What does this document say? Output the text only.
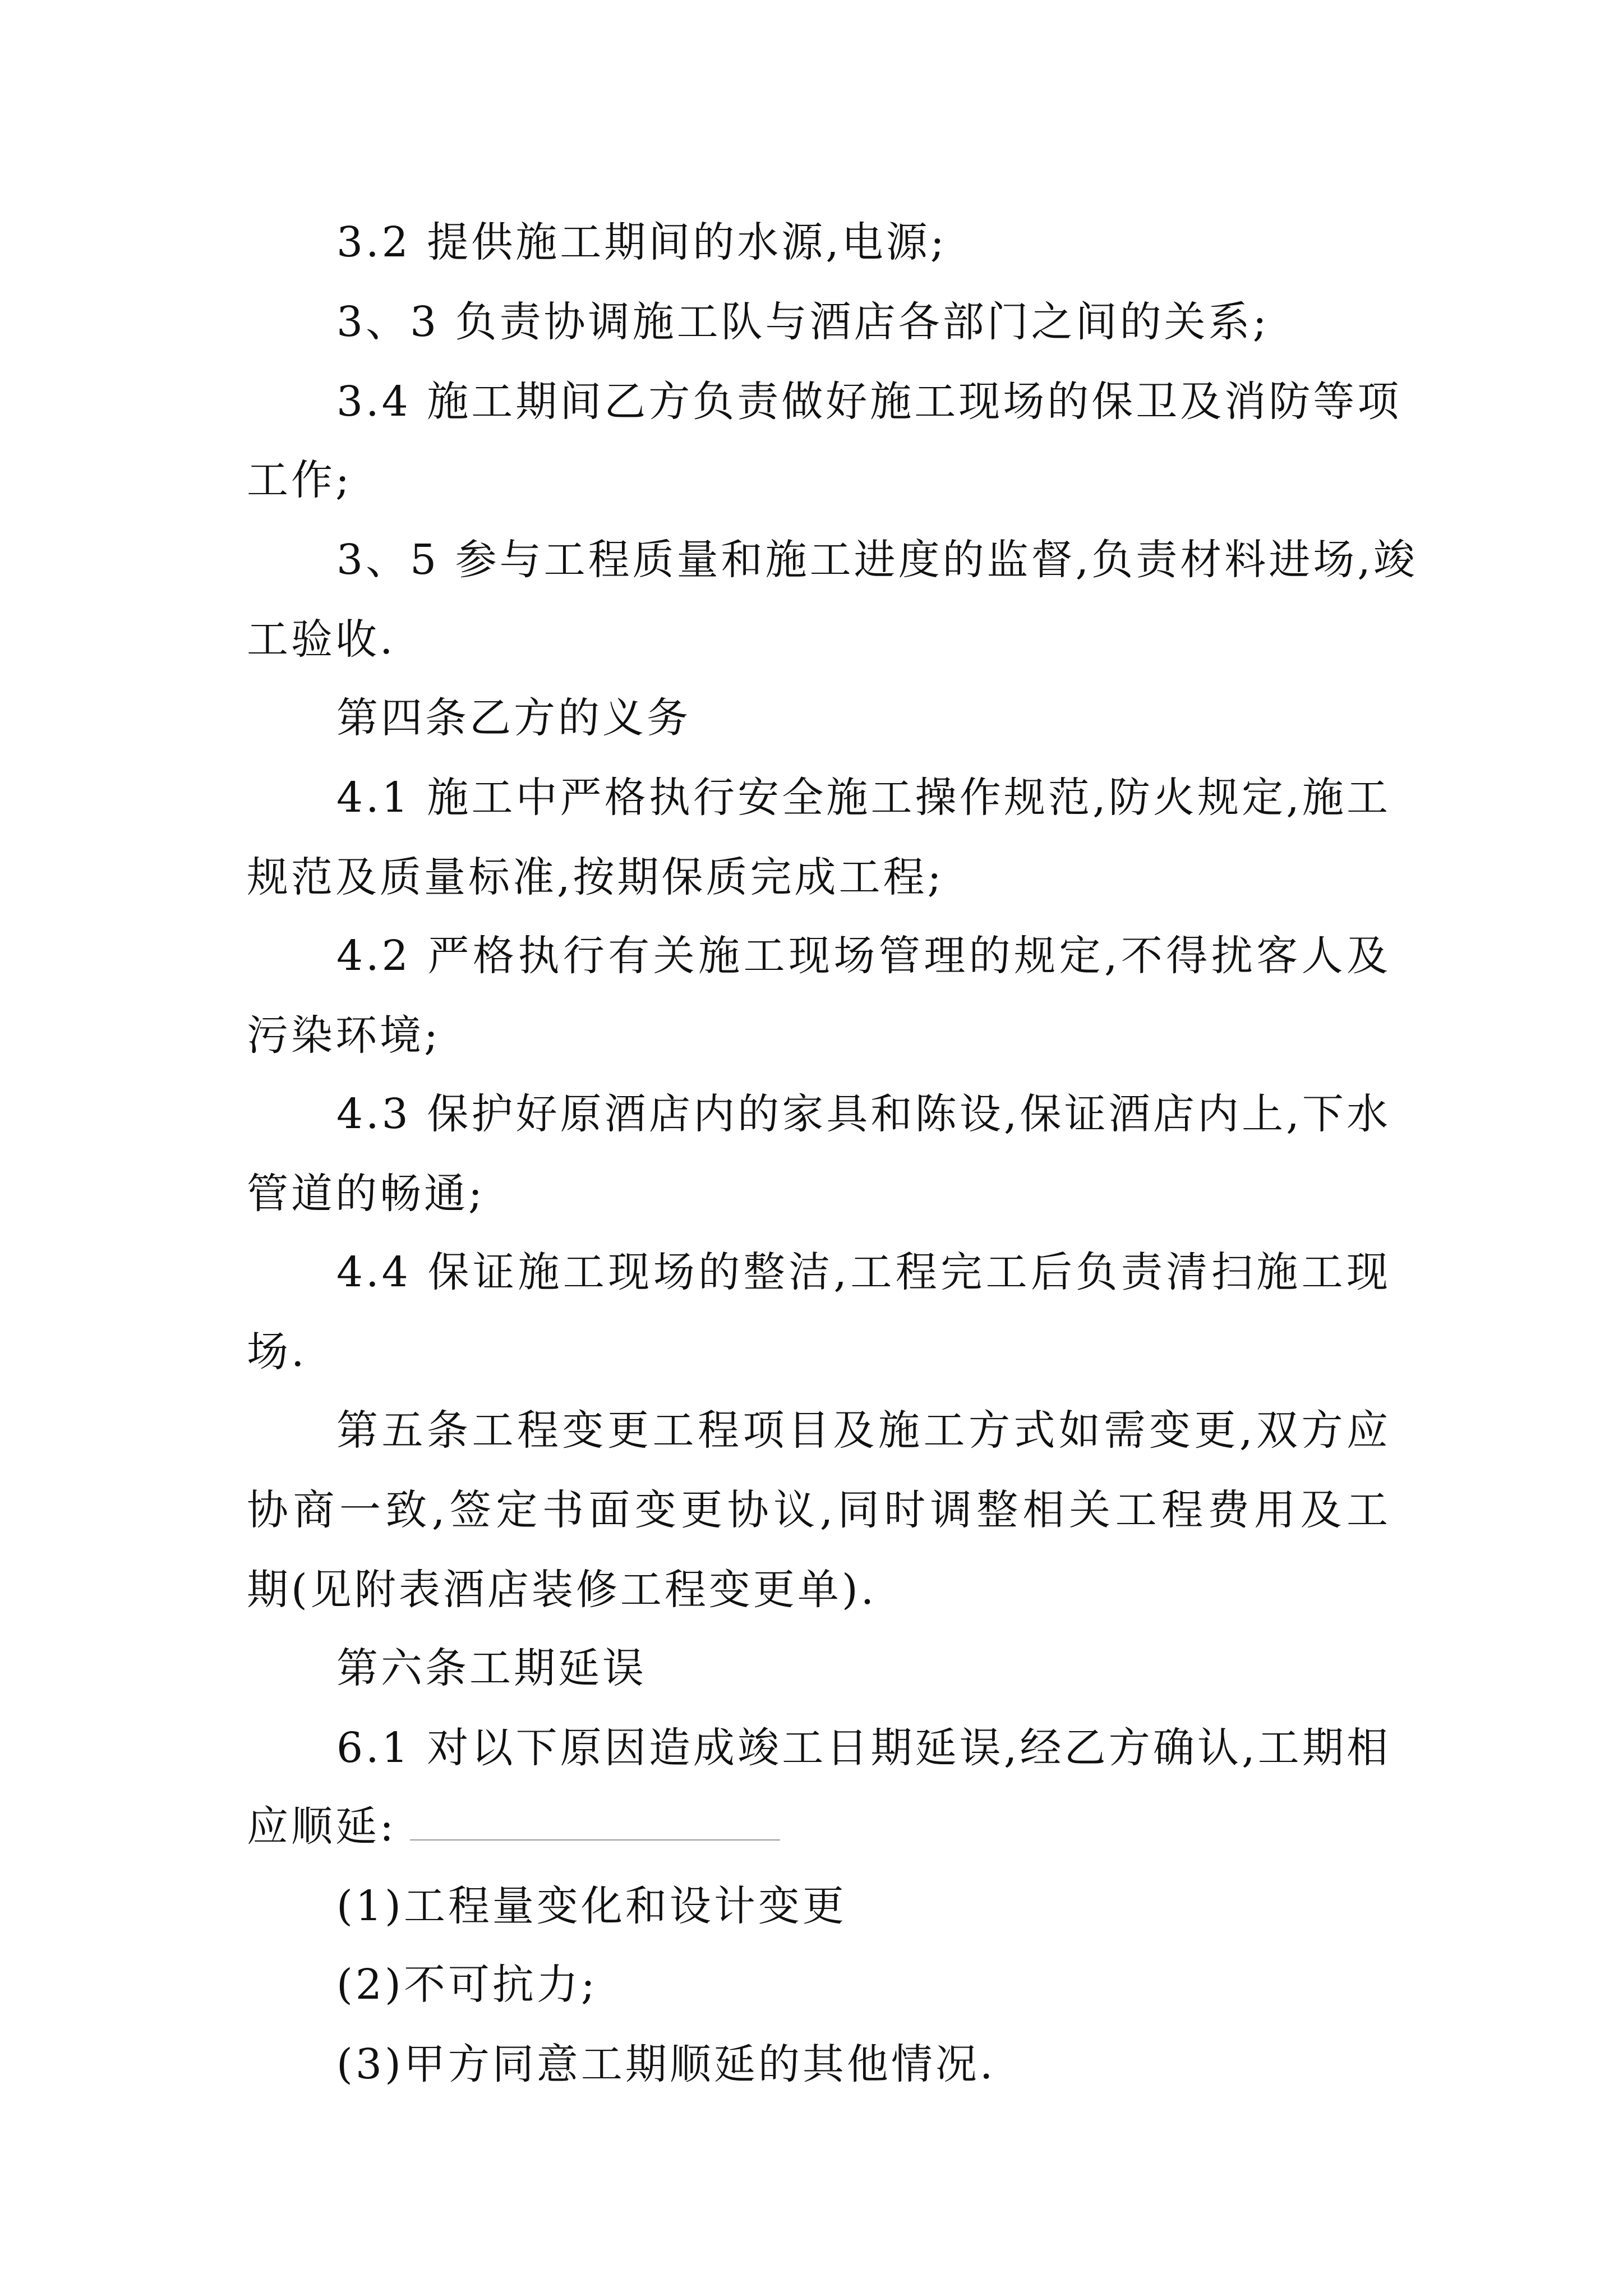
3.2 提供施工期间的水源,电源;
3、3 负责协调施工队与酒店各部门之间的关系;
3.4 施工期间乙方负责做好施工现场的保卫及消防等项
工作;
3、5 参与工程质量和施工进度的监督,负责材料进场,竣
工验收.
第四条乙方的义务
4.1 施工中严格执行安全施工操作规范,防火规定,施工
规范及质量标准,按期保质完成工程;
4.2 严格执行有关施工现场管理的规定,不得扰客人及
污染环境;
4.3 保护好原酒店内的家具和陈设,保证酒店内上,下水
管道的畅通;
4.4 保证施工现场的整洁,工程完工后负责清扫施工现
场.
第五条工程变更工程项目及施工方式如需变更,双方应
协商一致,签定书面变更协议,同时调整相关工程费用及工
期(见附表酒店装修工程变更单).
第六条工期延误
6.1 对以下原因造成竣工日期延误,经乙方确认,工期相
应顺延:
(1)工程量变化和设计变更
(2)不可抗力;
(3)甲方同意工期顺延的其他情况.
